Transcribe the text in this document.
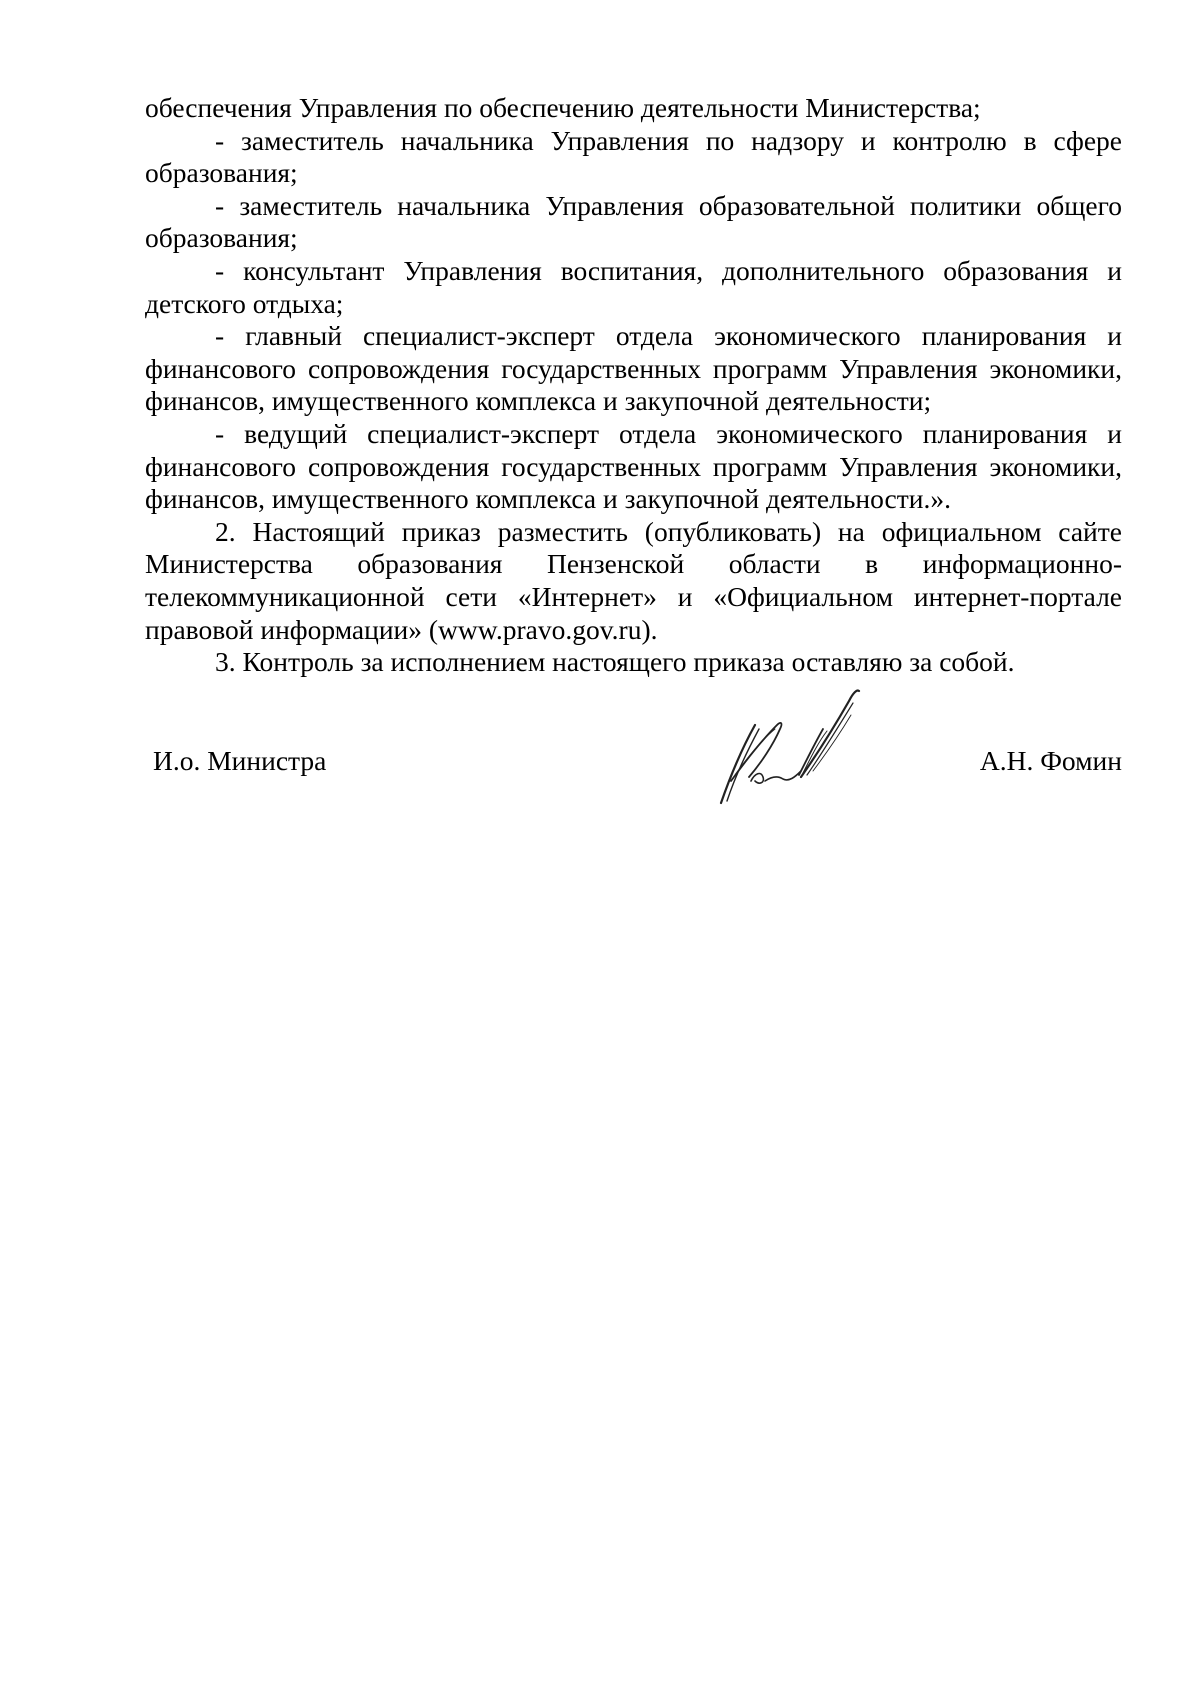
обеспечения Управления по обеспечению деятельности Министерства;

- заместитель начальника Управления по надзору и контролю в сфере образования;

- заместитель начальника Управления образовательной политики общего образования;

- консультант Управления воспитания, дополнительного образования и детского отдыха;

- главный специалист-эксперт отдела экономического планирования и финансового сопровождения государственных программ Управления экономики, финансов, имущественного комплекса и закупочной деятельности;

- ведущий специалист-эксперт отдела экономического планирования и финансового сопровождения государственных программ Управления экономики, финансов, имущественного комплекса и закупочной деятельности.».

2. Настоящий приказ разместить (опубликовать) на официальном сайте Министерства образования Пензенской области в информационно-телекоммуникационной сети «Интернет» и «Официальном интернет-портале правовой информации» (www.pravo.gov.ru).

3. Контроль за исполнением настоящего приказа оставляю за собой.

И.о. Министра	А.Н. Фомин
